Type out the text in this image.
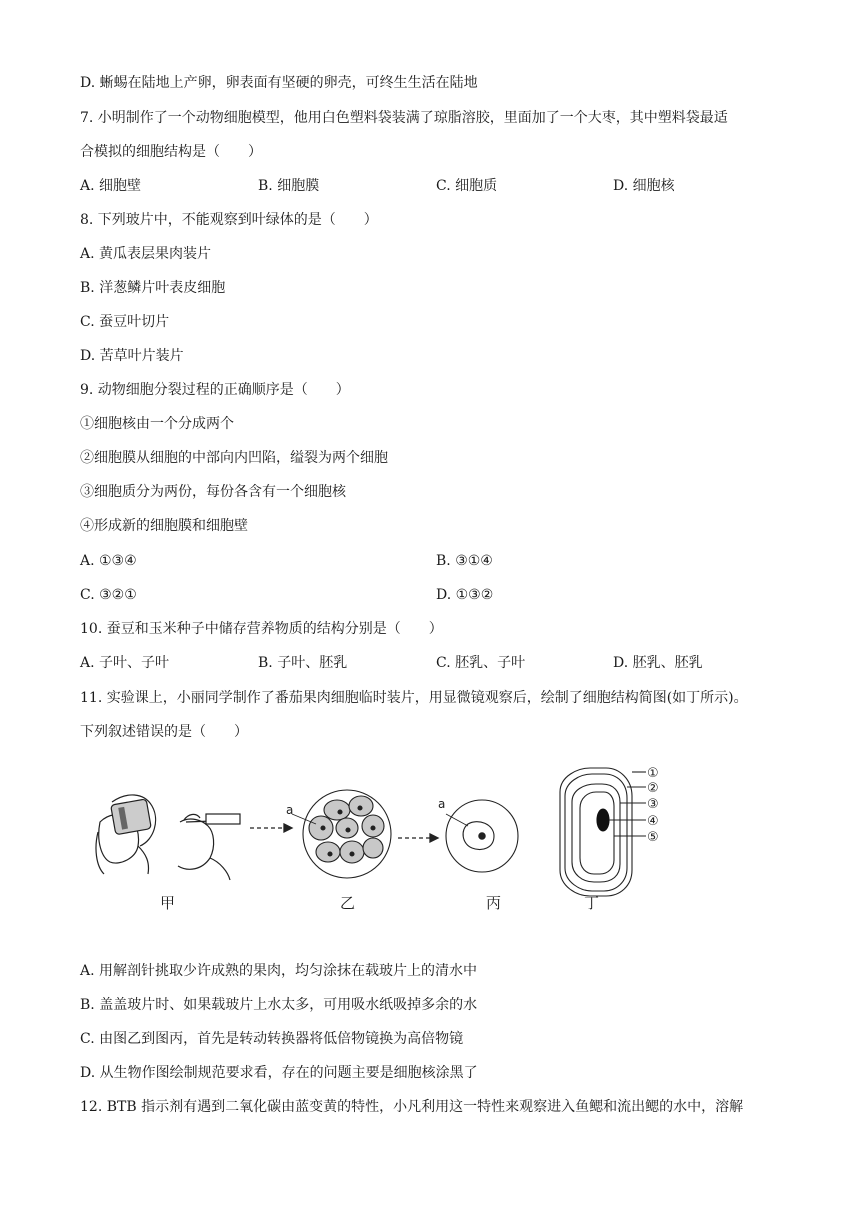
D. 蜥蜴在陆地上产卵，卵表面有坚硬的卵壳，可终生生活在陆地
7. 小明制作了一个动物细胞模型，他用白色塑料袋装满了琼脂溶胶，里面加了一个大枣，其中塑料袋最适
合模拟的细胞结构是（　　）
A. 细胞壁	B. 细胞膜	C. 细胞质	D. 细胞核
8. 下列玻片中，不能观察到叶绿体的是（　　）
A. 黄瓜表层果肉装片
B. 洋葱鳞片叶表皮细胞
C. 蚕豆叶切片
D. 苦草叶片装片
9. 动物细胞分裂过程的正确顺序是（　　）
①细胞核由一个分成两个
②细胞膜从细胞的中部向内凹陷，缢裂为两个细胞
③细胞质分为两份，每份各含有一个细胞核
④形成新的细胞膜和细胞壁
A. ①③④	B. ③①④
C. ③②①	D. ①③②
10. 蚕豆和玉米种子中储存营养物质的结构分别是（　　）
A. 子叶、子叶	B. 子叶、胚乳	C. 胚乳、子叶	D. 胚乳、胚乳
11. 实验课上，小丽同学制作了番茄果肉细胞临时装片，用显微镜观察后，绘制了细胞结构简图(如丁所示)。
下列叙述错误的是（　　）
a	a
①
②
③
④
⑤
甲	乙	丙	丁
A. 用解剖针挑取少许成熟的果肉，均匀涂抹在载玻片上的清水中
B. 盖盖玻片时、如果载玻片上水太多，可用吸水纸吸掉多余的水
C. 由图乙到图丙，首先是转动转换器将低倍物镜换为高倍物镜
D. 从生物作图绘制规范要求看，存在的问题主要是细胞核涂黑了
12. BTB 指示剂有遇到二氧化碳由蓝变黄的特性，小凡利用这一特性来观察进入鱼鳃和流出鳃的水中，溶解
